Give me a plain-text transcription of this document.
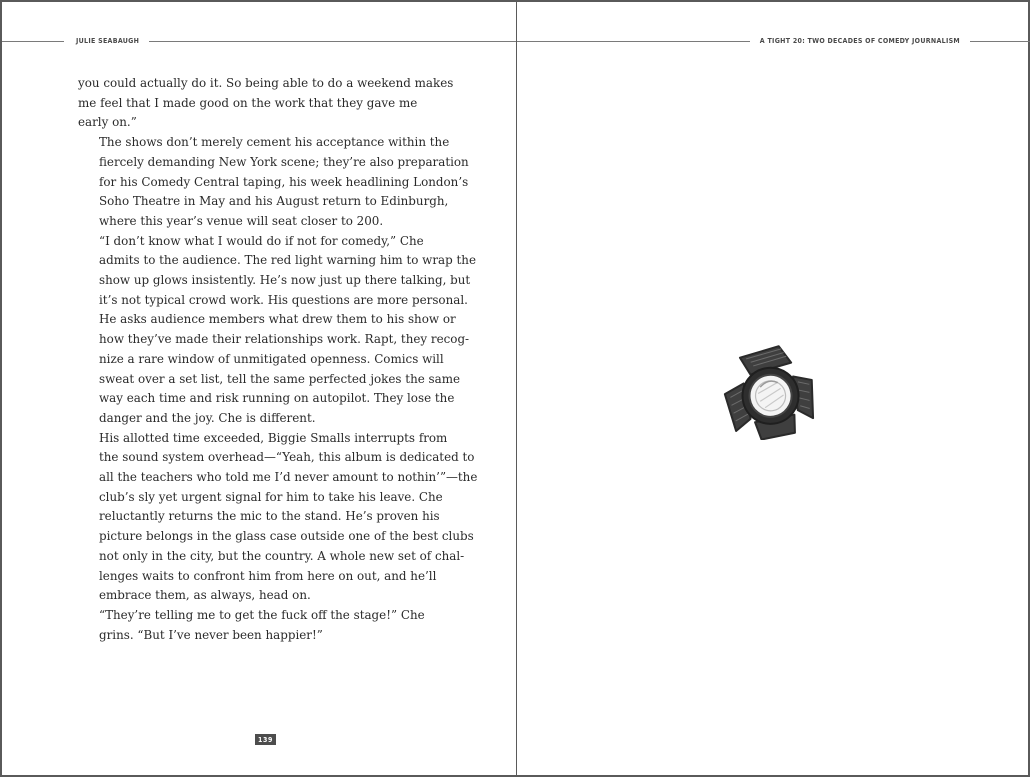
JULIE SEABAUGH

you could actually do it. So being able to do a weekend makes
me feel that I made good on the work that they gave me
early on.”

The shows don’t merely cement his acceptance within the
fiercely demanding New York scene; they’re also preparation
for his Comedy Central taping, his week headlining London’s
Soho Theatre in May and his August return to Edinburgh,
where this year’s venue will seat closer to 200.

“I don’t know what I would do if not for comedy,” Che
admits to the audience. The red light warning him to wrap the
show up glows insistently. He’s now just up there talking, but
it’s not typical crowd work. His questions are more personal.
He asks audience members what drew them to his show or
how they’ve made their relationships work. Rapt, they recog-
nize a rare window of unmitigated openness. Comics will
sweat over a set list, tell the same perfected jokes the same
way each time and risk running on autopilot. They lose the
danger and the joy. Che is different.

His allotted time exceeded, Biggie Smalls interrupts from
the sound system overhead—“Yeah, this album is dedicated to
all the teachers who told me I’d never amount to nothin’”—the
club’s sly yet urgent signal for him to take his leave. Che
reluctantly returns the mic to the stand. He’s proven his
picture belongs in the glass case outside one of the best clubs
not only in the city, but the country. A whole new set of chal-
lenges waits to confront him from here on out, and he’ll
embrace them, as always, head on.

“They’re telling me to get the fuck off the stage!” Che
grins. “But I’ve never been happier!”

139
A TIGHT 20: TWO DECADES OF COMEDY JOURNALISM
